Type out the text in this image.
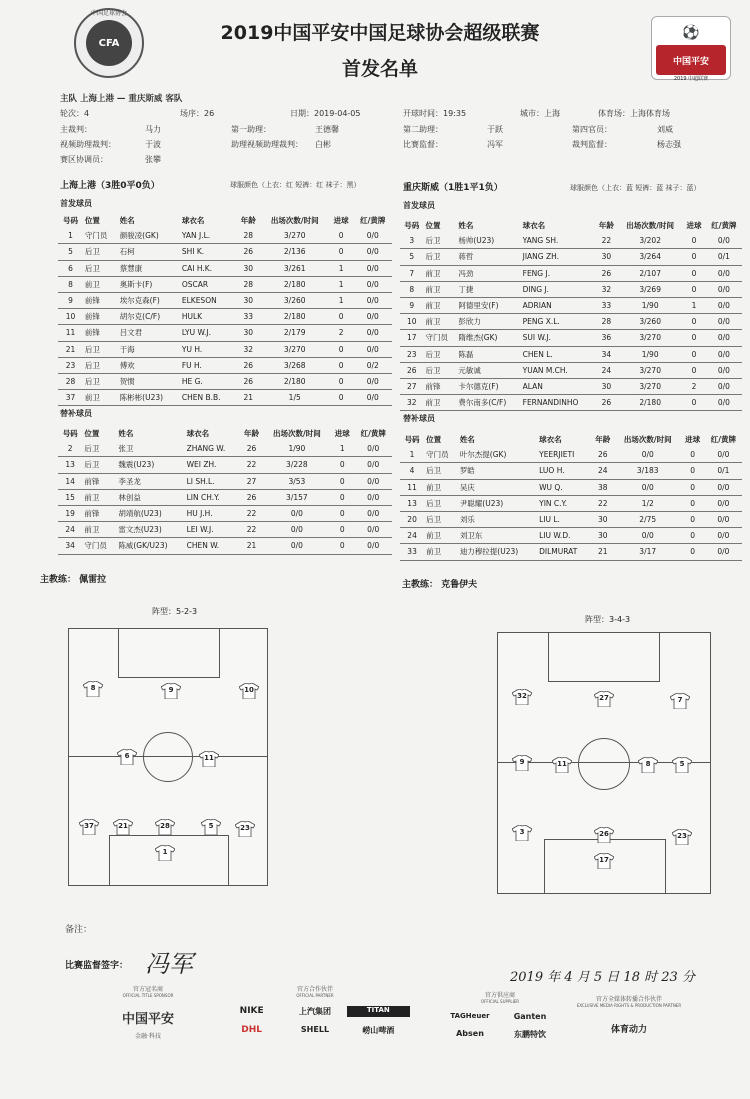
中国足球协会
CFA	2019中国平安中国足球协会超级联赛
首发名单
⚽
中国平安
2019 中超联赛
主队 上海上港 — 重庆斯威 客队
轮次：4	场序：26	日期：2019-04-05	开球时间：19:35	城市：上海	体育场：上海体育场
主裁判：	马力	第一助理：	王德馨	第二助理：	于跃	第四官员：	刘威
视频助理裁判：	于波	助理视频助理裁判： 白彬	比赛监督：	冯军	裁判监督：	杨志强
赛区协调员：	张攀
上海上港（3胜0平0负）	球服颜色（上衣：红 短裤：红 袜子：黑）	重庆斯威（1胜1平1负）	球服颜色（上衣：蓝 短裤：蓝 袜子：蓝）
首发球员	首发球员
号码	位置	姓名	球衣名	年龄	出场次数/时间	进球	红/黄牌
1	守门员	颜骏凌(GK)	YAN J.L.	28	3/270	0	0/0
5	后卫	石柯	SHI K.	26	2/136	0	0/0
6	后卫	蔡慧康	CAI H.K.	30	3/261	1	0/0
8	前卫	奥斯卡(F)	OSCAR	28	2/180	1	0/0
9	前锋	埃尔克森(F)	ELKESON	30	3/260	1	0/0
10	前锋	胡尔克(C/F)	HULK	33	2/180	0	0/0
11	前锋	吕文君	LYU W.J.	30	2/179	2	0/0
21	后卫	于海	YU H.	32	3/270	0	0/0
23	后卫	傅欢	FU H.	26	3/268	0	0/2
28	后卫	贺惯	HE G.	26	2/180	0	0/0
37	前卫	陈彬彬(U23)	CHEN B.B.	21	1/5	0	0/0
号码	位置	姓名	球衣名	年龄	出场次数/时间	进球	红/黄牌
2	后卫	张卫	ZHANG W.	26	1/90	1	0/0
13	后卫	魏震(U23)	WEI ZH.	22	3/228	0	0/0
14	前锋	李圣龙	LI SH.L.	27	3/53	0	0/0
15	前卫	林创益	LIN CH.Y.	26	3/157	0	0/0
19	前锋	胡靖航(U23)	HU J.H.	22	0/0	0	0/0
24	前卫	雷文杰(U23)	LEI W.J.	22	0/0	0	0/0
34	守门员	陈威(GK/U23)	CHEN W.	21	0/0	0	0/0
号码	位置	姓名	球衣名	年龄	出场次数/时间	进球	红/黄牌
3	后卫	杨帅(U23)	YANG SH.	22	3/202	0	0/0
5	后卫	蒋哲	JIANG ZH.	30	3/264	0	0/1
7	前卫	冯劲	FENG J.	26	2/107	0	0/0
8	前卫	丁捷	DING J.	32	3/269	0	0/0
9	前卫	阿德里安(F)	ADRIAN	33	1/90	1	0/0
10	前卫	彭欣力	PENG X.L.	28	3/260	0	0/0
17	守门员	隋维杰(GK)	SUI W.J.	36	3/270	0	0/0
23	后卫	陈磊	CHEN L.	34	1/90	0	0/0
26	后卫	元敏诚	YUAN M.CH.	24	3/270	0	0/0
27	前锋	卡尔德克(F)	ALAN	30	3/270	2	0/0
32	前卫	费尔南多(C/F)	FERNANDINHO	26	2/180	0	0/0
号码	位置	姓名	球衣名	年龄	出场次数/时间	进球	红/黄牌
1	守门员	叶尔杰提(GK)	YEERJIETI	26	0/0	0	0/0
4	后卫	罗皓	LUO H.	24	3/183	0	0/1
11	前卫	吴庆	WU Q.	38	0/0	0	0/0
13	后卫	尹聪耀(U23)	YIN C.Y.	22	1/2	0	0/0
20	后卫	刘乐	LIU L.	30	2/75	0	0/0
24	前卫	刘卫东	LIU W.D.	30	0/0	0	0/0
33	前卫	迪力穆拉提(U23)	DILMURAT	21	3/17	0	0/0
替补球员
替补球员
主教练： 佩雷拉	主教练： 克鲁伊夫
阵型：5-2-3
阵型：3-4-3
8	9	10
6	11
37	21	28	5	23
1
32	27	7
9	11	8	5
3	26	23
17
备注：
比赛监督签字： 冯军	2019 年 4 月 5 日 18 时 23 分
官方冠名商
OFFICIAL TITLE SPONSOR
中国平安
金融·科技
官方合作伙伴
OFFICIAL PARTNER
NIKE	上汽集团	TITAN
DHL	SHELL	崂山啤酒
官方供应商
OFFICIAL SUPPLIER
TAGHeuer	Ganten
Absen	东鹏特饮
官方全媒体转播合作伙伴
EXCLUSIVE MEDIA RIGHTS & PRODUCTION PARTNER
体育动力
